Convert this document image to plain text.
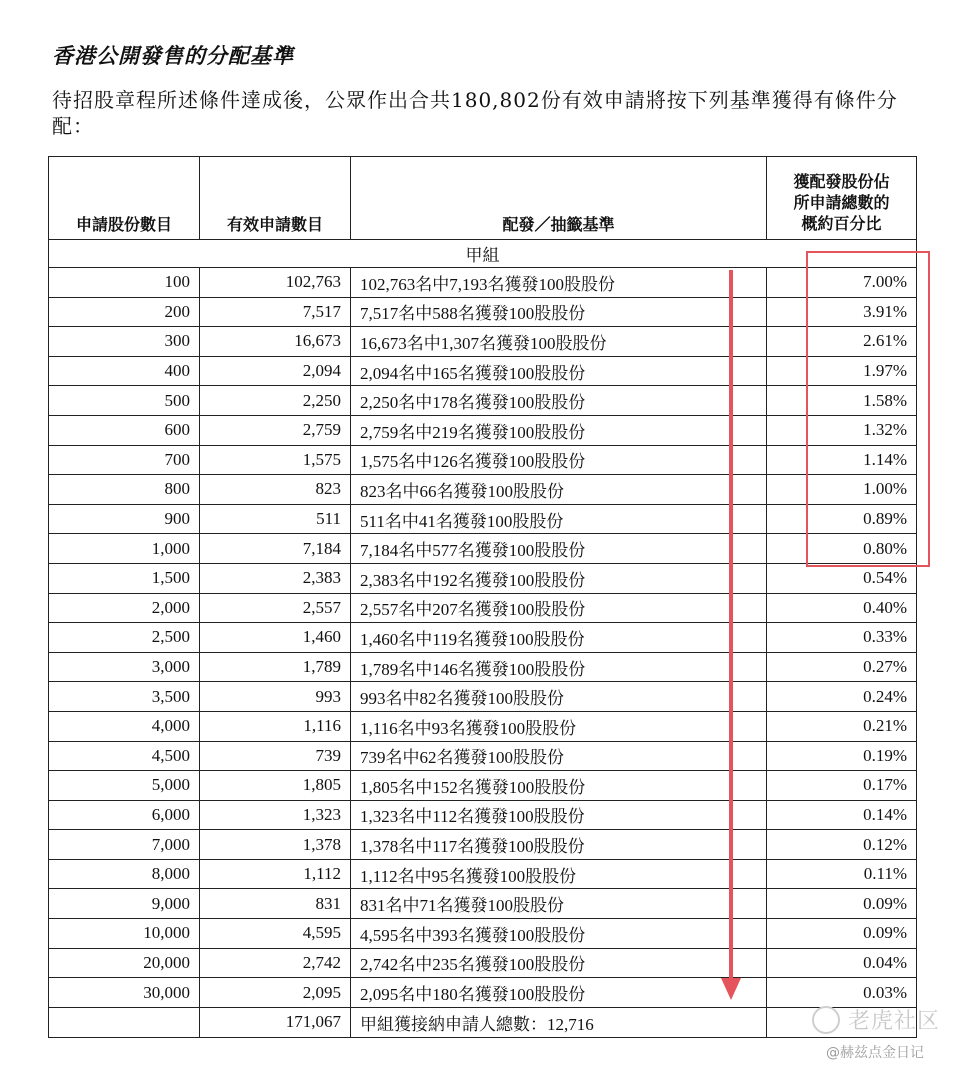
香港公開發售的分配基準
待招股章程所述條件達成後，公眾作出合共180,802份有效申請將按下列基準獲得有條件分配：
申請股份數目	有效申請數目	配發／抽籤基準	獲配發股份佔
所申請總數的
概約百分比

甲組			
100	102,763	102,763名中7,193名獲發100股股份	7.00%
200	7,517	7,517名中588名獲發100股股份	3.91%
300	16,673	16,673名中1,307名獲發100股股份	2.61%
400	2,094	2,094名中165名獲發100股股份	1.97%
500	2,250	2,250名中178名獲發100股股份	1.58%
600	2,759	2,759名中219名獲發100股股份	1.32%
700	1,575	1,575名中126名獲發100股股份	1.14%
800	823	823名中66名獲發100股股份	1.00%
900	511	511名中41名獲發100股股份	0.89%
1,000	7,184	7,184名中577名獲發100股股份	0.80%
1,500	2,383	2,383名中192名獲發100股股份	0.54%
2,000	2,557	2,557名中207名獲發100股股份	0.40%
2,500	1,460	1,460名中119名獲發100股股份	0.33%
3,000	1,789	1,789名中146名獲發100股股份	0.27%
3,500	993	993名中82名獲發100股股份	0.24%
4,000	1,116	1,116名中93名獲發100股股份	0.21%
4,500	739	739名中62名獲發100股股份	0.19%
5,000	1,805	1,805名中152名獲發100股股份	0.17%
6,000	1,323	1,323名中112名獲發100股股份	0.14%
7,000	1,378	1,378名中117名獲發100股股份	0.12%
8,000	1,112	1,112名中95名獲發100股股份	0.11%
9,000	831	831名中71名獲發100股股份	0.09%
10,000	4,595	4,595名中393名獲發100股股份	0.09%
20,000	2,742	2,742名中235名獲發100股股份	0.04%
30,000	2,095	2,095名中180名獲發100股股份	0.03%
	171,067	甲組獲接納申請人總數：12,716		老虎社区
@赫兹点金日记
